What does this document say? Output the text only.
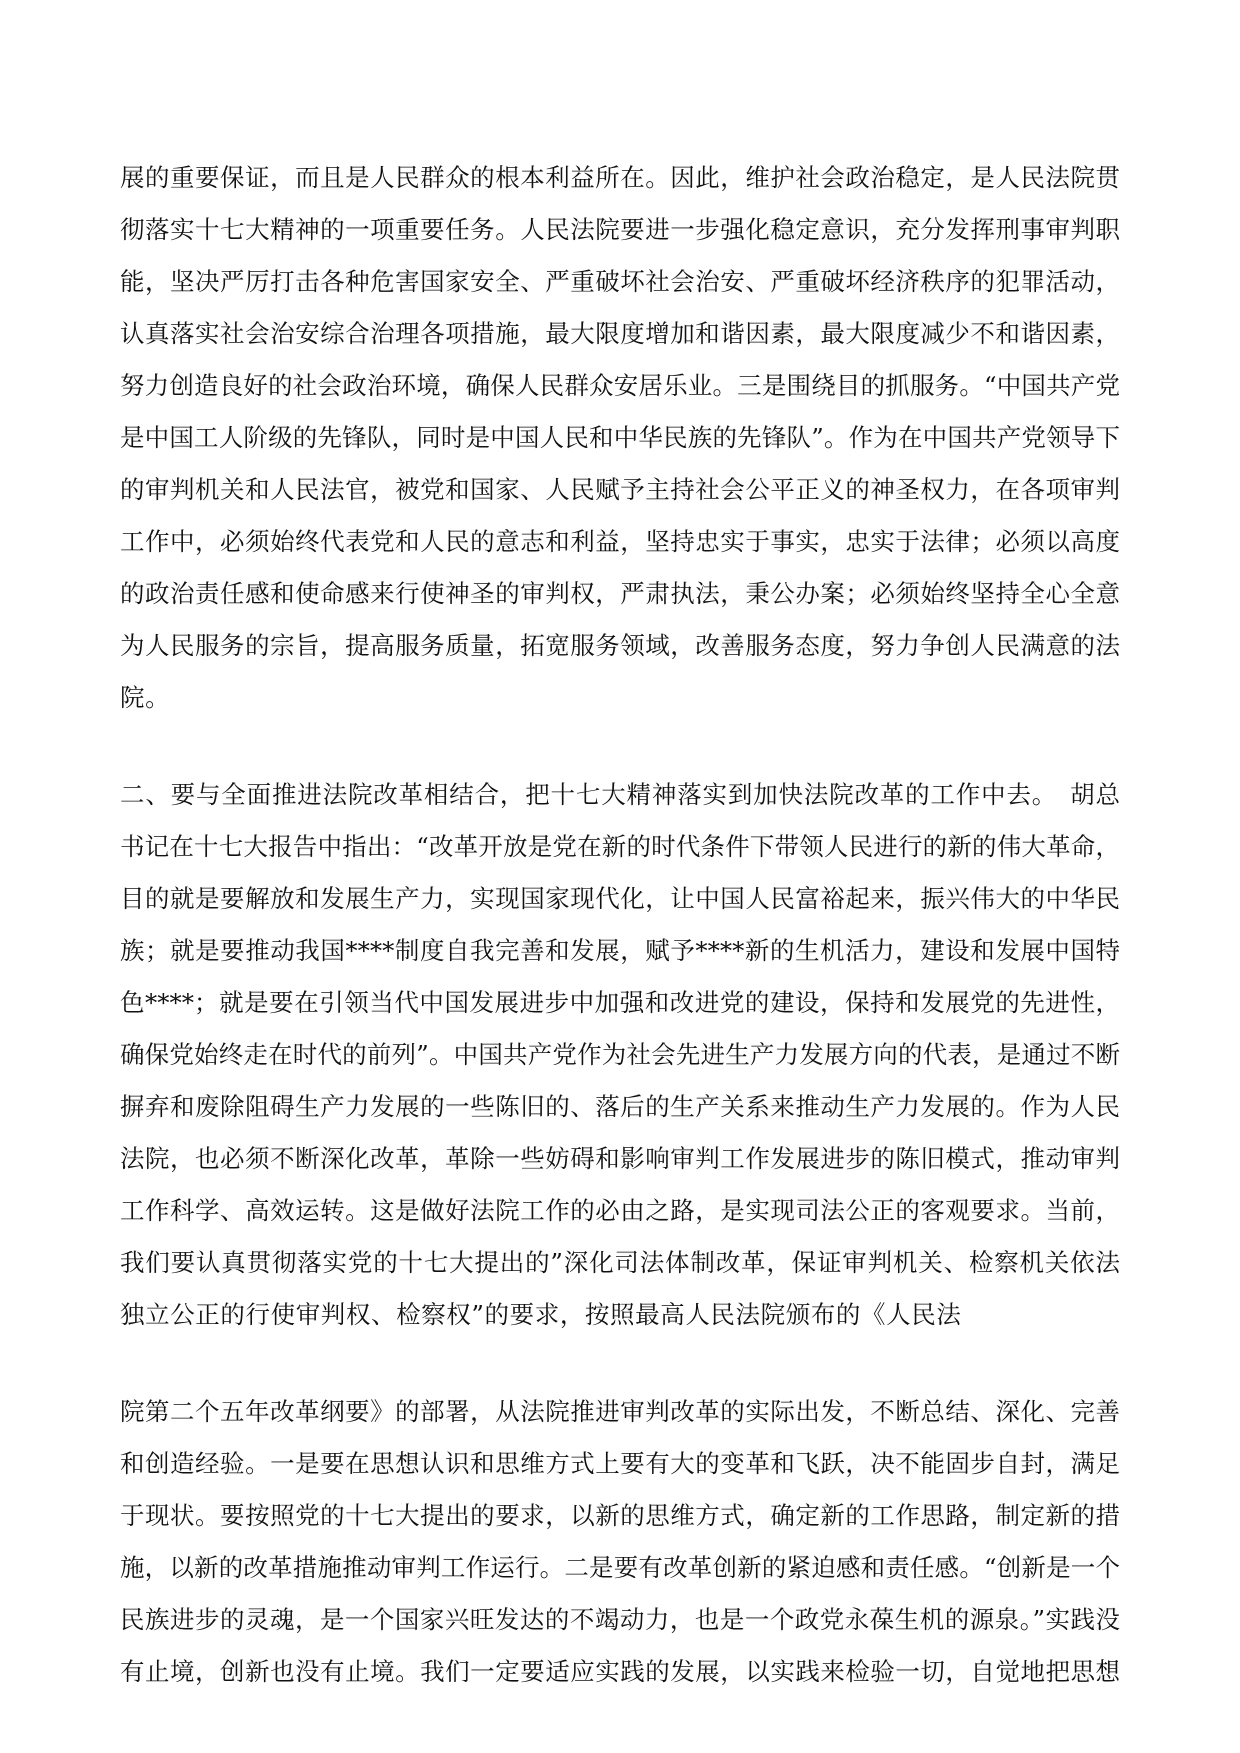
展的重要保证，而且是人民群众的根本利益所在。因此，维护社会政治稳定，是人民法院贯
彻落实十七大精神的一项重要任务。人民法院要进一步强化稳定意识，充分发挥刑事审判职
能，坚决严厉打击各种危害国家安全、严重破坏社会治安、严重破坏经济秩序的犯罪活动，
认真落实社会治安综合治理各项措施，最大限度增加和谐因素，最大限度减少不和谐因素，
努力创造良好的社会政治环境，确保人民群众安居乐业。三是围绕目的抓服务。“中国共产党
是中国工人阶级的先锋队，同时是中国人民和中华民族的先锋队”。作为在中国共产党领导下
的审判机关和人民法官，被党和国家、人民赋予主持社会公平正义的神圣权力，在各项审判
工作中，必须始终代表党和人民的意志和利益，坚持忠实于事实，忠实于法律；必须以高度
的政治责任感和使命感来行使神圣的审判权，严肃执法，秉公办案；必须始终坚持全心全意
为人民服务的宗旨，提高服务质量，拓宽服务领域，改善服务态度，努力争创人民满意的法
院。
二、要与全面推进法院改革相结合，把十七大精神落实到加快法院改革的工作中去。　胡总
书记在十七大报告中指出：“改革开放是党在新的时代条件下带领人民进行的新的伟大革命，
目的就是要解放和发展生产力，实现国家现代化，让中国人民富裕起来，振兴伟大的中华民
族；就是要推动我国****制度自我完善和发展，赋予****新的生机活力，建设和发展中国特
色****；就是要在引领当代中国发展进步中加强和改进党的建设，保持和发展党的先进性，
确保党始终走在时代的前列”。中国共产党作为社会先进生产力发展方向的代表，是通过不断
摒弃和废除阻碍生产力发展的一些陈旧的、落后的生产关系来推动生产力发展的。作为人民
法院，也必须不断深化改革，革除一些妨碍和影响审判工作发展进步的陈旧模式，推动审判
工作科学、高效运转。这是做好法院工作的必由之路，是实现司法公正的客观要求。当前，
我们要认真贯彻落实党的十七大提出的”深化司法体制改革，保证审判机关、检察机关依法
独立公正的行使审判权、检察权”的要求，按照最高人民法院颁布的《人民法
院第二个五年改革纲要》的部署，从法院推进审判改革的实际出发，不断总结、深化、完善
和创造经验。一是要在思想认识和思维方式上要有大的变革和飞跃，决不能固步自封，满足
于现状。要按照党的十七大提出的要求，以新的思维方式，确定新的工作思路，制定新的措
施，以新的改革措施推动审判工作运行。二是要有改革创新的紧迫感和责任感。“创新是一个
民族进步的灵魂，是一个国家兴旺发达的不竭动力，也是一个政党永葆生机的源泉。”实践没
有止境，创新也没有止境。我们一定要适应实践的发展，以实践来检验一切，自觉地把思想
